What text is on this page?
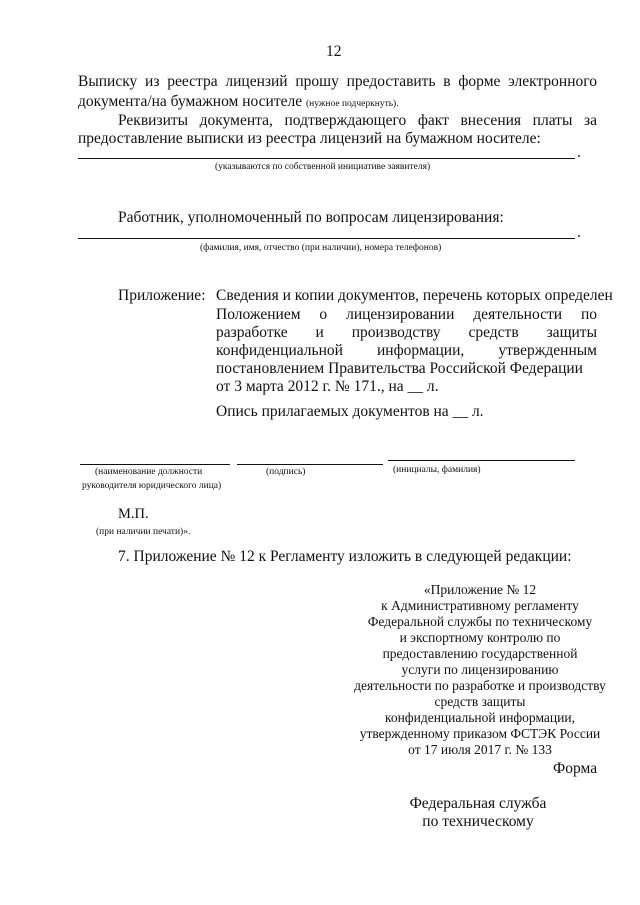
12
Выписку из реестра лицензий прошу предоставить в форме электронного
документа/на бумажном носителе (нужное подчеркнуть).
Реквизиты документа, подтверждающего факт внесения платы за
предоставление выписки из реестра лицензий на бумажном носителе:
.
(указываются по собственной инициативе заявителя)
Работник, уполномоченный по вопросам лицензирования:
.
(фамилия, имя, отчество (при наличии), номера телефонов)
Приложение: Сведения и копии документов, перечень которых определен
Положением о лицензировании деятельности по
разработке и производству средств защиты
конфиденциальной информации, утвержденным
постановлением Правительства Российской Федерации
от 3 марта 2012 г. № 171., на __ л.
Опись прилагаемых документов на __ л.
(наименование должности
руководителя юридического лица)
(подпись)	(инициалы, фамилия)
М.П.
(при наличии печати)».
7. Приложение № 12 к Регламенту изложить в следующей редакции:
«Приложение № 12
к Административному регламенту
Федеральной службы по техническому
и экспортному контролю по
предоставлению государственной
услуги по лицензированию
деятельности по разработке и производству
средств защиты
конфиденциальной информации,
утвержденному приказом ФСТЭК России
от 17 июля 2017 г. № 133
Форма
Федеральная служба
по техническому
